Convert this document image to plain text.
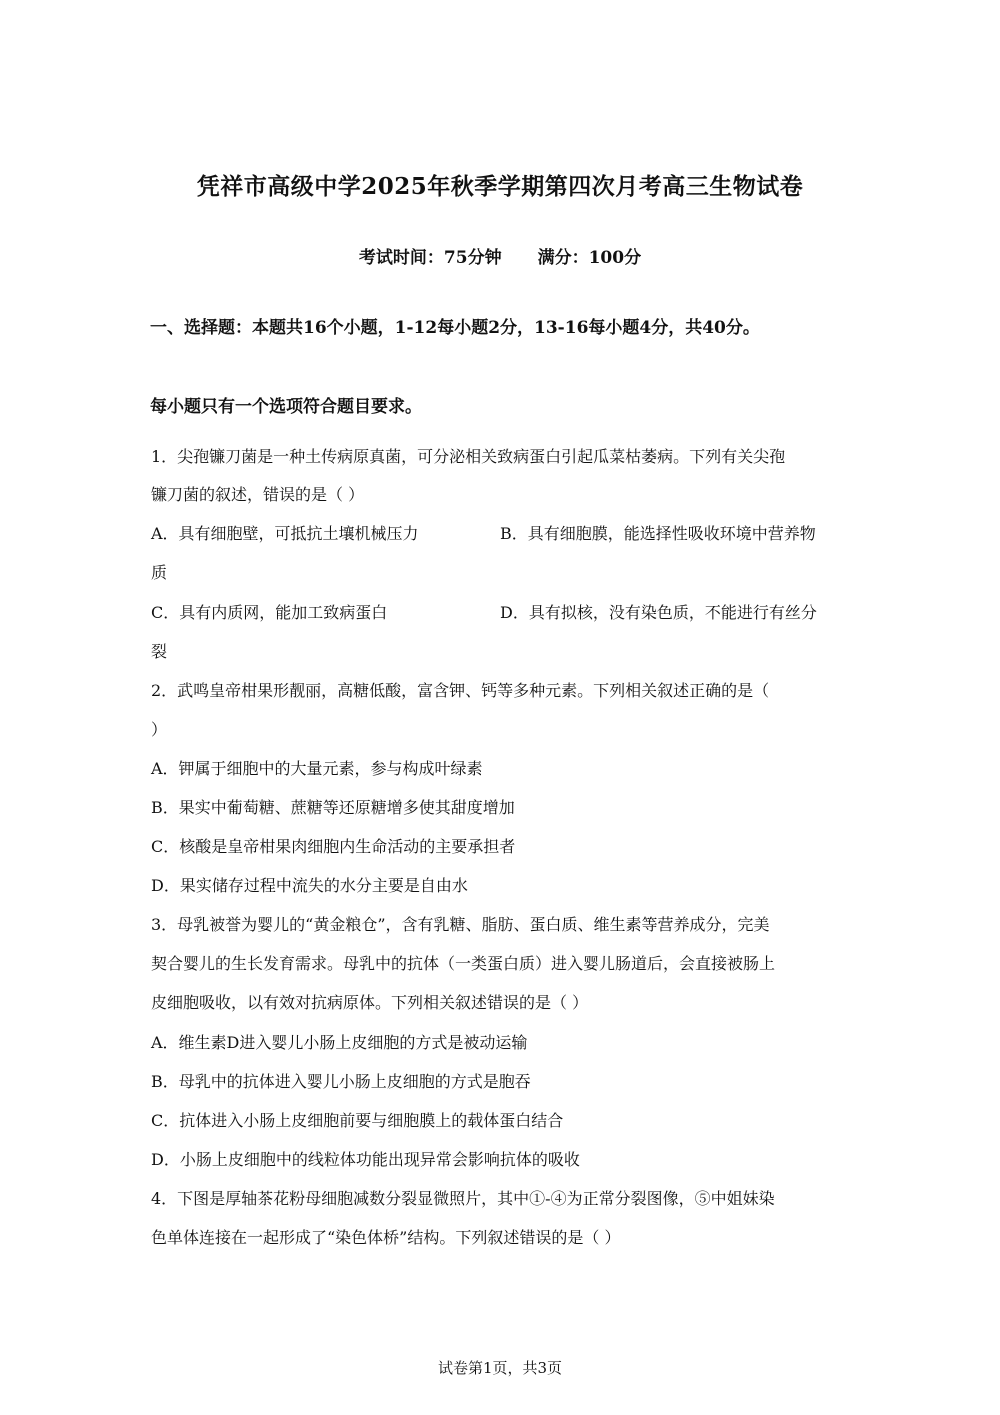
凭祥市高级中学2025年秋季学期第四次月考高三生物试卷
考试时间：75分钟 满分：100分
一、选择题：本题共16个小题，1-12每小题2分，13-16每小题4分，共40分。
每小题只有一个选项符合题目要求。
1．尖孢镰刀菌是一种土传病原真菌，可分泌相关致病蛋白引起瓜菜枯萎病。下列有关尖孢
镰刀菌的叙述，错误的是（ ）
A．具有细胞壁，可抵抗土壤机械压力	B．具有细胞膜，能选择性吸收环境中营养物
质
C．具有内质网，能加工致病蛋白	D．具有拟核，没有染色质，不能进行有丝分
裂
2．武鸣皇帝柑果形靓丽，高糖低酸，富含钾、钙等多种元素。下列相关叙述正确的是（
）
A．钾属于细胞中的大量元素，参与构成叶绿素
B．果实中葡萄糖、蔗糖等还原糖增多使其甜度增加
C．核酸是皇帝柑果肉细胞内生命活动的主要承担者
D．果实储存过程中流失的水分主要是自由水
3．母乳被誉为婴儿的“黄金粮仓”，含有乳糖、脂肪、蛋白质、维生素等营养成分，完美
契合婴儿的生长发育需求。母乳中的抗体（一类蛋白质）进入婴儿肠道后，会直接被肠上
皮细胞吸收，以有效对抗病原体。下列相关叙述错误的是（ ）
A．维生素D进入婴儿小肠上皮细胞的方式是被动运输
B．母乳中的抗体进入婴儿小肠上皮细胞的方式是胞吞
C．抗体进入小肠上皮细胞前要与细胞膜上的载体蛋白结合
D．小肠上皮细胞中的线粒体功能出现异常会影响抗体的吸收
4．下图是厚轴茶花粉母细胞减数分裂显微照片，其中①-④为正常分裂图像，⑤中姐妹染
色单体连接在一起形成了“染色体桥”结构。下列叙述错误的是（ ）
试卷第1页，共3页
